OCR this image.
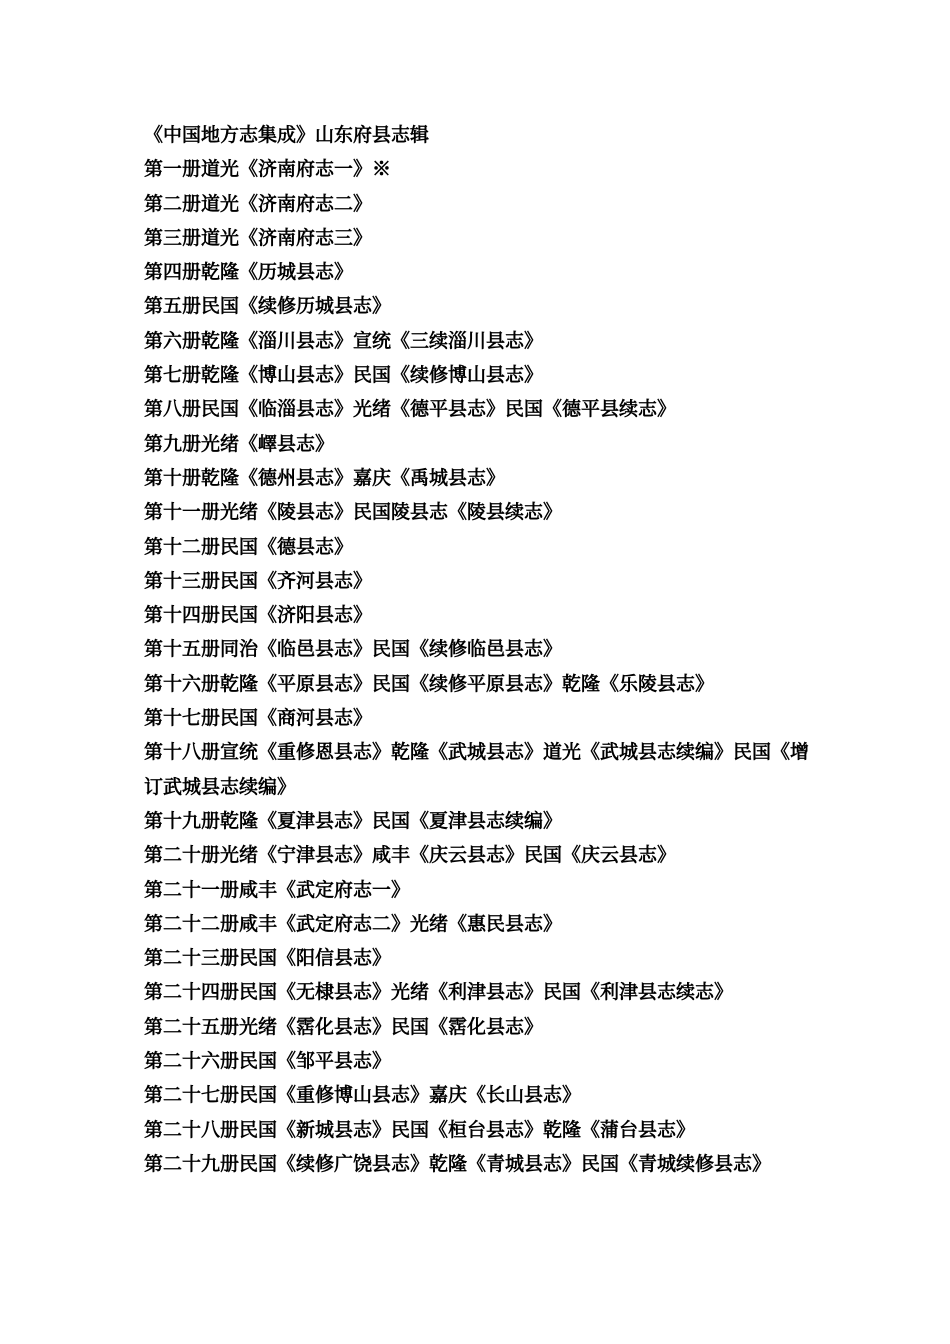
《中国地方志集成》山东府县志辑
第一册道光《济南府志一》※
第二册道光《济南府志二》
第三册道光《济南府志三》
第四册乾隆《历城县志》
第五册民国《续修历城县志》
第六册乾隆《淄川县志》宣统《三续淄川县志》
第七册乾隆《博山县志》民国《续修博山县志》
第八册民国《临淄县志》光绪《德平县志》民国《德平县续志》
第九册光绪《嶧县志》
第十册乾隆《德州县志》嘉庆《禹城县志》
第十一册光绪《陵县志》民国陵县志《陵县续志》
第十二册民国《德县志》
第十三册民国《齐河县志》
第十四册民国《济阳县志》
第十五册同治《临邑县志》民国《续修临邑县志》
第十六册乾隆《平原县志》民国《续修平原县志》乾隆《乐陵县志》
第十七册民国《商河县志》
第十八册宣统《重修恩县志》乾隆《武城县志》道光《武城县志续编》民国《增订武城县志续编》
第十九册乾隆《夏津县志》民国《夏津县志续编》
第二十册光绪《宁津县志》咸丰《庆云县志》民国《庆云县志》
第二十一册咸丰《武定府志一》
第二十二册咸丰《武定府志二》光绪《惠民县志》
第二十三册民国《阳信县志》
第二十四册民国《无棣县志》光绪《利津县志》民国《利津县志续志》
第二十五册光绪《霑化县志》民国《霑化县志》
第二十六册民国《邹平县志》
第二十七册民国《重修博山县志》嘉庆《长山县志》
第二十八册民国《新城县志》民国《桓台县志》乾隆《蒲台县志》
第二十九册民国《续修广饶县志》乾隆《青城县志》民国《青城续修县志》
